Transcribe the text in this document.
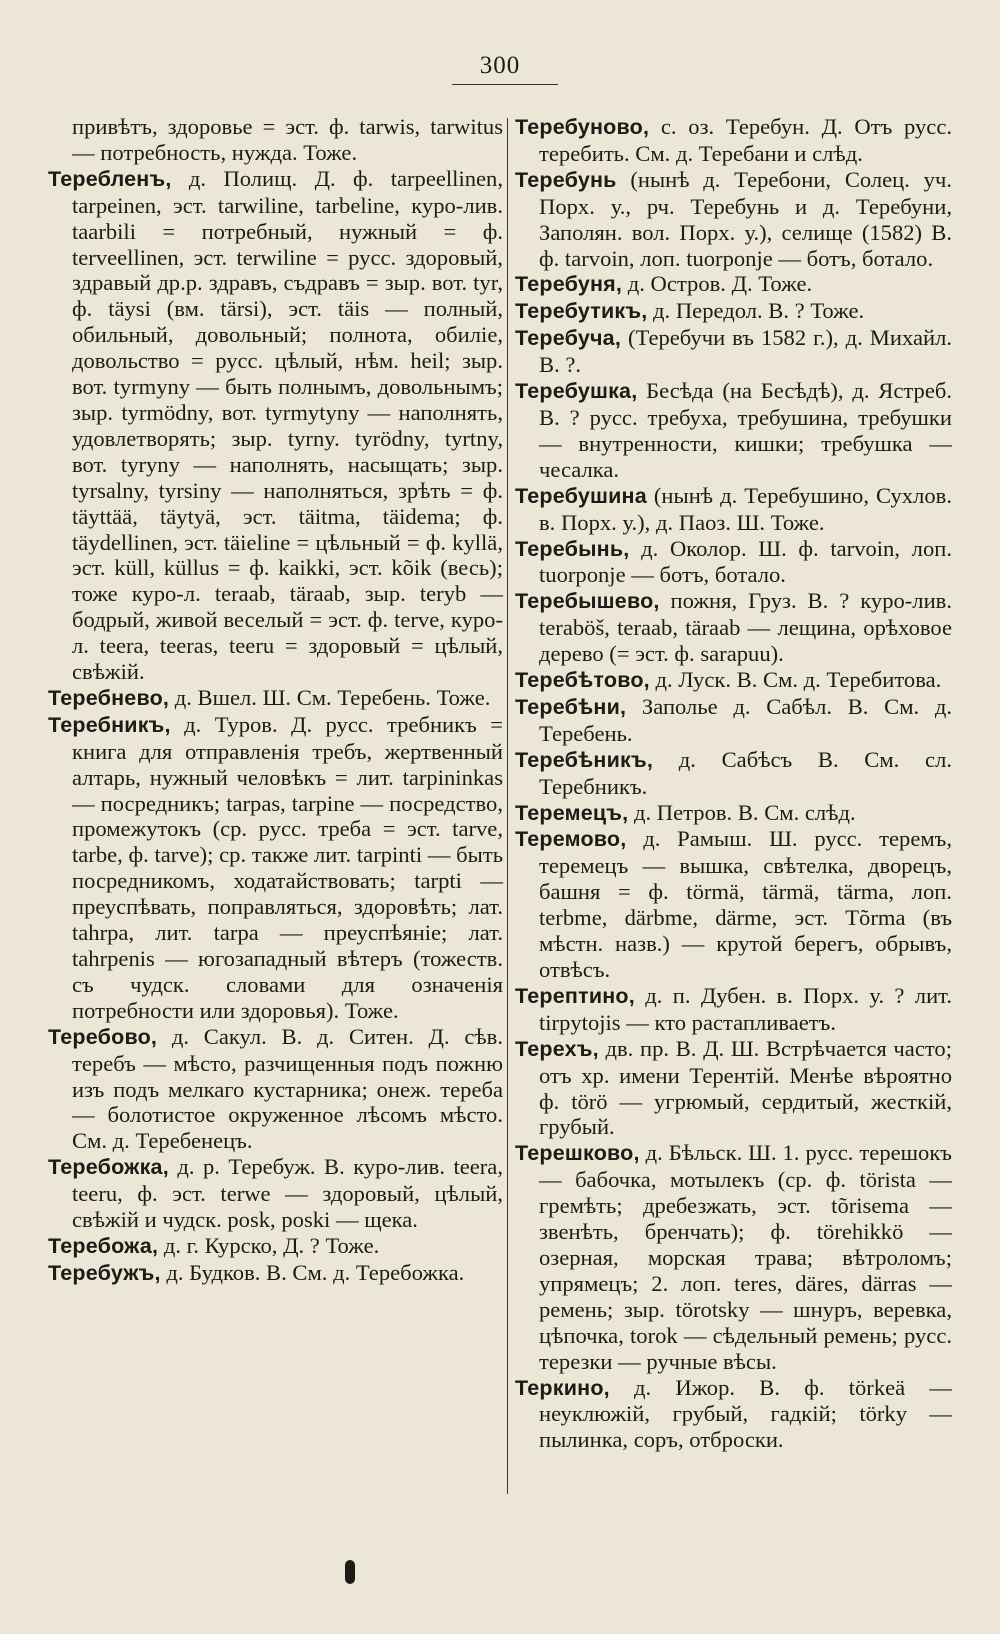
300

привѣтъ, здоровье = эст. ф. tarwis, tarwitus — потребность, нужда. Тоже.

Теребленъ, д. Полищ. Д. ф. tarpeellinen, tarpeinen, эст. tarwiline, tarbeline, куро-лив. taarbili = потребный, нужный = ф. terveellinen, эст. terwiline = русс. здоровый, здравый др.р. здравъ, съдравъ = зыр. вот. tyr, ф. täysi (вм. tärsi), эст. täis — полный, обильный, довольный; полнота, обиліе, довольство = русс. цѣлый, нѣм. heil; зыр. вот. tyrmyny — быть полнымъ, довольнымъ; зыр. tyrmödny, вот. tyrmytyny — наполнять, удовлетворять; зыр. tyrny. tyrödny, tyrtny, вот. tyryny — наполнять, насыщать; зыр. tyrsalny, tyrsiny — наполняться, зрѣть = ф. täyttää, täytyä, эст. täitma, täidema; ф. täydellinen, эст. täieline = цѣльный = ф. kyllä, эст. küll, küllus = ф. kaikki, эст. kõik (весь); тоже куро-л. teraab, täraab, зыр. teryb — бодрый, живой веселый = эст. ф. terve, куро-л. teera, teeras, teeru = здоровый = цѣлый, свѣжій.

Теребнево, д. Вшел. Ш. См. Теребень. Тоже.

Теребникъ, д. Туров. Д. русс. требникъ = книга для отправленія требъ, жертвенный алтарь, нужный человѣкъ = лит. tarpininkas — посредникъ; tarpas, tarpine — посредство, промежутокъ (ср. русс. треба = эст. tarve, tarbe, ф. tarve); ср. также лит. tarpinti — быть посредникомъ, ходатайствовать; tarpti — преуспѣвать, поправляться, здоровѣть; лат. tahrpa, лит. tarpa — преуспѣяніе; лат. tahrpenis — югозападный вѣтеръ (тожеств. съ чудск. словами для означенія потребности или здоровья). Тоже.

Теребово, д. Сакул. В. д. Ситен. Д. сѣв. теребъ — мѣсто, разчищенныя подъ пожню изъ подъ мелкаго кустарника; онеж. тереба — болотистое окруженное лѣсомъ мѣсто. См. д. Теребенецъ.

Теребожка, д. р. Теребуж. В. куро-лив. teera, teeru, ф. эст. terwe — здоровый, цѣлый, свѣжій и чудск. posk, poski — щека.

Теребожа, д. г. Курско, Д. ? Тоже.

Теребужъ, д. Будков. В. См. д. Теребожка.

Теребуново, с. оз. Теребун. Д. Отъ русс. теребить. См. д. Теребани и слѣд.

Теребунь (нынѣ д. Теребони, Солец. уч. Порх. у., рч. Теребунь и д. Теребуни, Заполян. вол. Порх. у.), селище (1582) В. ф. tarvoin, лоп. tuorponje — ботъ, ботало.

Теребуня, д. Остров. Д. Тоже.

Теребутикъ, д. Передол. В. ? Тоже.

Теребуча, (Теребучи въ 1582 г.), д. Михайл. В. ?.

Теребушка, Бесѣда (на Бесѣдѣ), д. Ястреб. В. ? русс. требуха, требушина, требушки — внутренности, кишки; требушка — чесалка.

Теребушина (нынѣ д. Теребушино, Сухлов. в. Порх. у.), д. Паоз. Ш. Тоже.

Теребынь, д. Околор. Ш. ф. tarvoin, лоп. tuorponje — ботъ, ботало.

Теребышево, пожня, Груз. В. ? куро-лив. teraböš, teraab, täraab — лещина, орѣховое дерево (= эст. ф. sarapuu).

Теребѣтово, д. Луск. В. См. д. Теребитова.

Теребѣни, Заполье д. Сабѣл. В. См. д. Теребень.

Теребѣникъ, д. Сабѣсъ В. См. сл. Теребникъ.

Теремецъ, д. Петров. В. См. слѣд.

Теремово, д. Рамыш. Ш. русс. теремъ, теремецъ — вышка, свѣтелка, дворецъ, башня = ф. törmä, tärmä, tärma, лоп. terbme, därbme, därme, эст. Tõrma (въ мѣстн. назв.) — крутой берегъ, обрывъ, отвѣсъ.

Терептино, д. п. Дубен. в. Порх. у. ? лит. tirpytojis — кто растапливаетъ.

Терехъ, дв. пр. В. Д. Ш. Встрѣчается часто; отъ хр. имени Терентій. Менѣе вѣроятно ф. törö — угрюмый, сердитый, жесткій, грубый.

Терешково, д. Бѣльск. Ш. 1. русс. терешокъ — бабочка, мотылекъ (ср. ф. törista — гремѣть; дребезжать, эст. tõrisema — звенѣть, бренчать); ф. törehikkö — озерная, морская трава; вѣтроломъ; упрямецъ; 2. лоп. teres, däres, därras — ремень; зыр. törotsky — шнуръ, веревка, цѣпочка, torok — сѣдельный ремень; русс. терезки — ручные вѣсы.

Теркино, д. Ижор. В. ф. törkeä — неуклюжій, грубый, гадкій; törky — пылинка, соръ, отброски.
